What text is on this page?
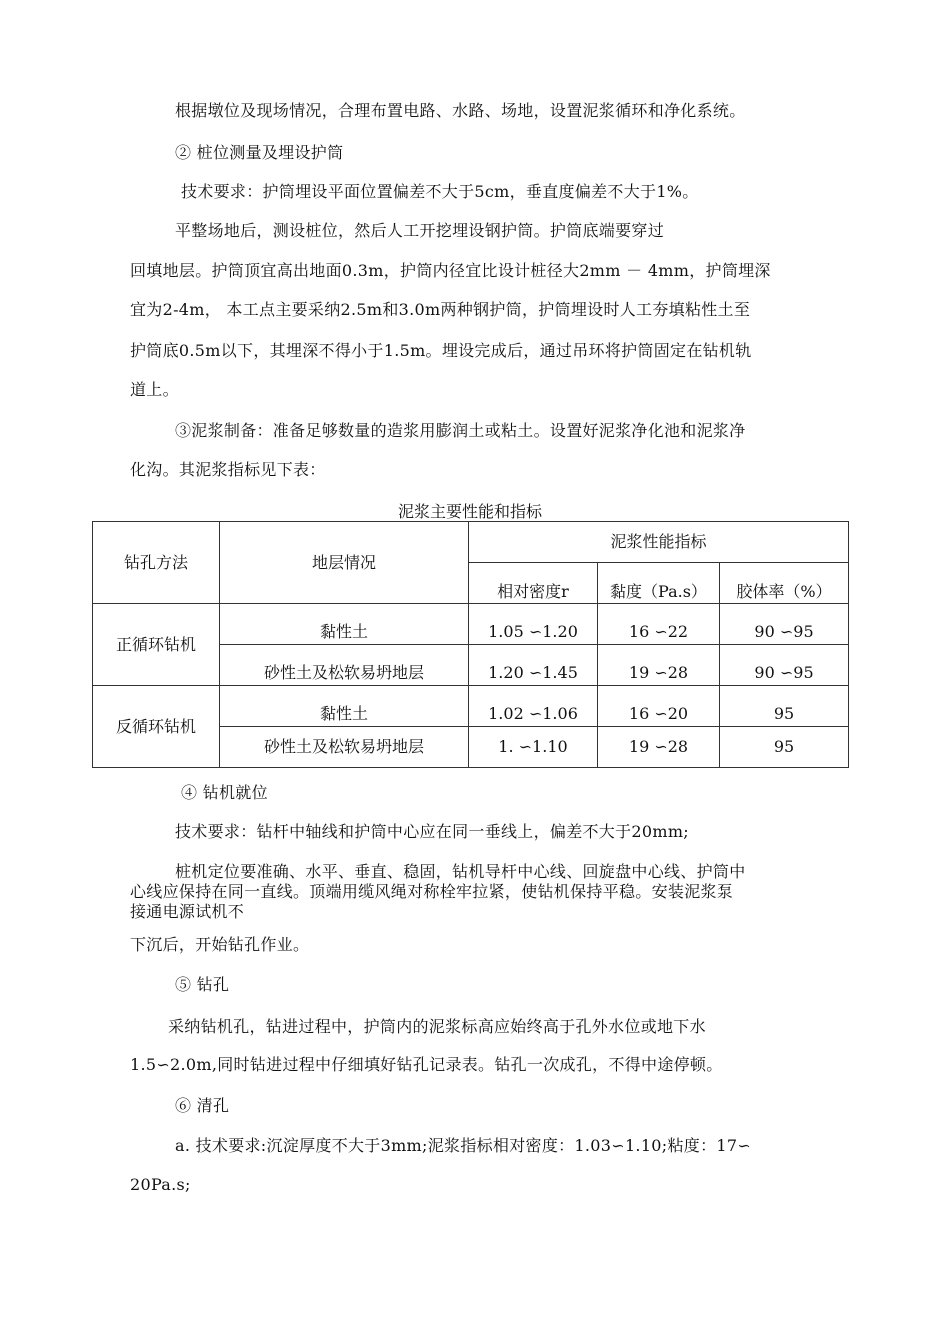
根据墩位及现场情况，合理布置电路、水路、场地，设置泥浆循环和净化系统。
② 桩位测量及埋设护筒
技术要求：护筒埋设平面位置偏差不大于5cm，垂直度偏差不大于1%。
平整场地后，测设桩位，然后人工开挖埋设钢护筒。护筒底端要穿过
回填地层。护筒顶宜高出地面0.3m，护筒内径宜比设计桩径大2mm － 4mm，护筒埋深
宜为2-4m， 本工点主要采纳2.5m和3.0m两种钢护筒，护筒埋设时人工夯填粘性土至
护筒底0.5m以下，其埋深不得小于1.5m。埋设完成后，通过吊环将护筒固定在钻机轨
道上。
③泥浆制备：准备足够数量的造浆用膨润土或粘土。设置好泥浆净化池和泥浆净
化沟。其泥浆指标见下表：
泥浆主要性能和指标
钻孔方法	地层情况	泥浆性能指标		
		相对密度r	黏度（Pa.s）	胶体率（%）
正循环钻机	黏性土	1.05 ∽1.20	16 ∽22	90 ∽95
	砂性土及松软易坍地层	1.20 ∽1.45	19 ∽28	90 ∽95
反循环钻机	黏性土	1.02 ∽1.06	16 ∽20	95
	砂性土及松软易坍地层	1. ∽1.10	19 ∽28	95
④ 钻机就位
技术要求：钻杆中轴线和护筒中心应在同一垂线上，偏差不大于20mm;
桩机定位要准确、水平、垂直、稳固，钻机导杆中心线、回旋盘中心线、护筒中
心线应保持在同一直线。顶端用缆风绳对称栓牢拉紧，使钻机保持平稳。安装泥浆泵
接通电源试机不
下沉后，开始钻孔作业。
⑤ 钻孔
采纳钻机孔，钻进过程中，护筒内的泥浆标高应始终高于孔外水位或地下水
1.5∽2.0m,同时钻进过程中仔细填好钻孔记录表。钻孔一次成孔，不得中途停顿。
⑥ 清孔
a. 技术要求:沉淀厚度不大于3mm;泥浆指标相对密度：1.03∽1.10;粘度：17∽
20Pa.s;
